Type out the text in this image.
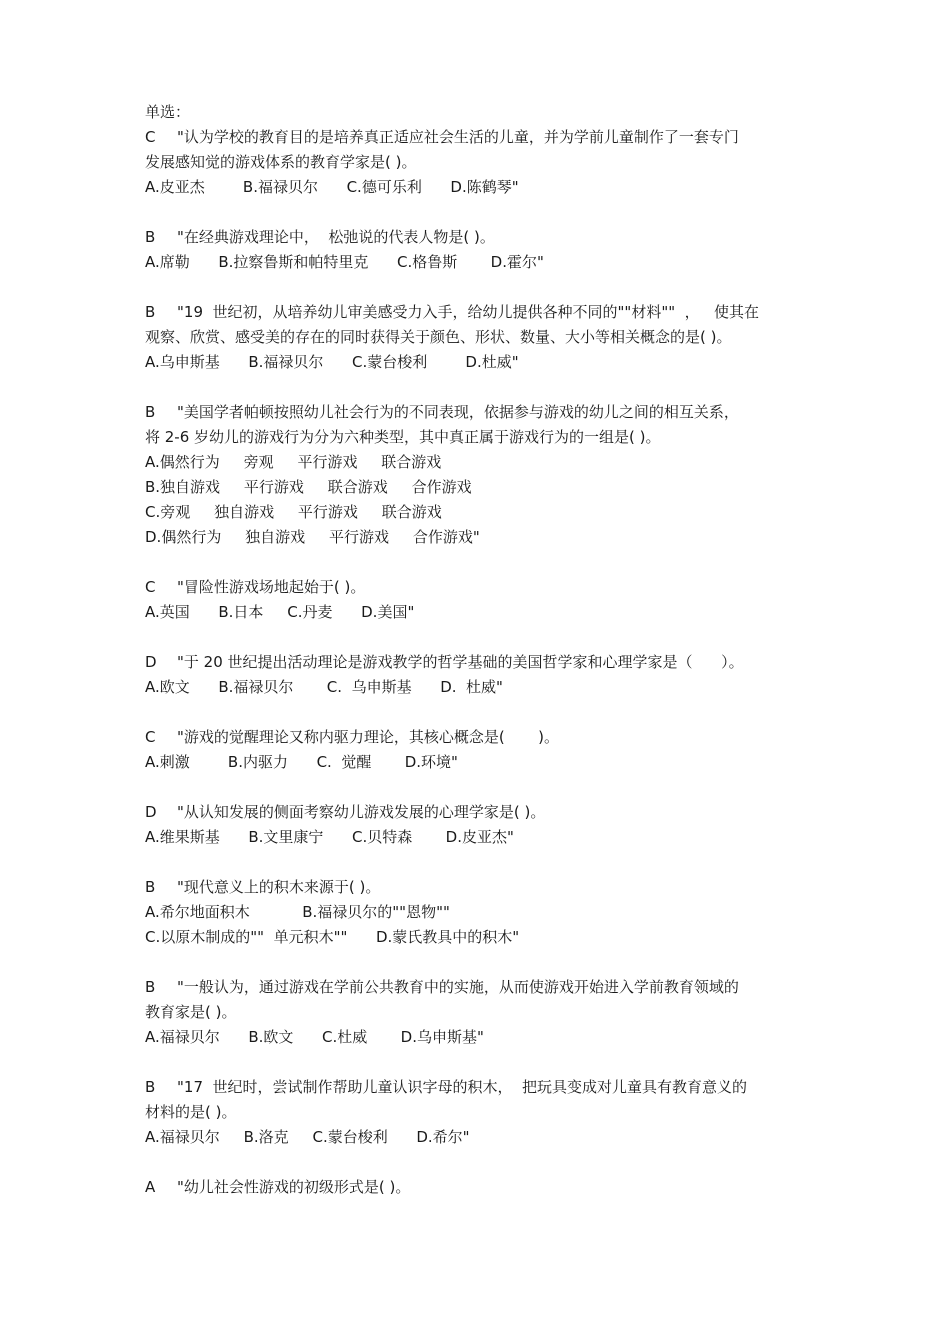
单选：
C "认为学校的教育目的是培养真正适应社会生活的儿童，并为学前儿童制作了一套专门
发展感知觉的游戏体系的教育学家是( )。
A.皮亚杰        B.福禄贝尔      C.德可乐利      D.陈鹤琴"
B "在经典游戏理论中，  松弛说的代表人物是( )。
A.席勒      B.拉察鲁斯和帕特里克      C.格鲁斯       D.霍尔"
B "19  世纪初，从培养幼儿审美感受力入手，给幼儿提供各种不同的""材料""  ，   使其在
观察、欣赏、感受美的存在的同时获得关于颜色、形状、数量、大小等相关概念的是( )。
A.乌申斯基      B.福禄贝尔      C.蒙台梭利        D.杜威"
B "美国学者帕顿按照幼儿社会行为的不同表现，依据参与游戏的幼儿之间的相互关系，
将 2-6 岁幼儿的游戏行为分为六种类型，其中真正属于游戏行为的一组是( )。
A.偶然行为     旁观     平行游戏     联合游戏
B.独自游戏     平行游戏     联合游戏     合作游戏
C.旁观     独自游戏     平行游戏     联合游戏
D.偶然行为     独自游戏     平行游戏     合作游戏"
C "冒险性游戏场地起始于( )。
A.英国      B.日本     C.丹麦      D.美国"
D "于 20 世纪提出活动理论是游戏教学的哲学基础的美国哲学家和心理学家是（      ）。
A.欧文      B.福禄贝尔       C.  乌申斯基      D.  杜威"
C "游戏的觉醒理论又称内驱力理论，其核心概念是(       )。
A.刺激        B.内驱力      C.  觉醒       D.环境"
D "从认知发展的侧面考察幼儿游戏发展的心理学家是( )。
A.维果斯基      B.文里康宁      C.贝特森       D.皮亚杰"
B "现代意义上的积木来源于( )。
A.希尔地面积木           B.福禄贝尔的""恩物""
C.以原木制成的""  单元积木""      D.蒙氏教具中的积木"
B "一般认为，通过游戏在学前公共教育中的实施，从而使游戏开始进入学前教育领域的
教育家是( )。
A.福禄贝尔      B.欧文      C.杜威       D.乌申斯基"
B "17  世纪时，尝试制作帮助儿童认识字母的积木，  把玩具变成对儿童具有教育意义的
材料的是( )。
A.福禄贝尔     B.洛克     C.蒙台梭利      D.希尔"
A "幼儿社会性游戏的初级形式是( )。
